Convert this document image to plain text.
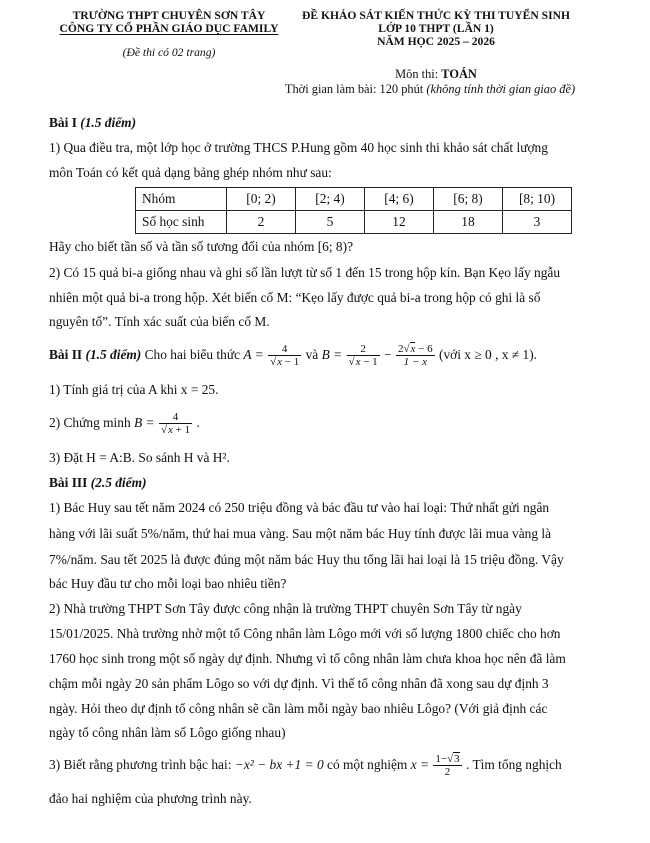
TRƯỜNG THPT CHUYÊN SƠN TÂY
CÔNG TY CỔ PHẦN GIÁO DỤC FAMILY
(Đề thi có 02 trang)
ĐỀ KHẢO SÁT KIẾN THỨC KỲ THI TUYỂN SINH
LỚP 10 THPT (LẦN 1)
NĂM HỌC 2025 – 2026
Môn thi: TOÁN
Thời gian làm bài: 120 phút (không tính thời gian giao đề)
Bài I (1.5 điểm)
1) Qua điều tra, một lớp học ở trường THCS P.Hung gồm 40 học sinh thi khảo sát chất lượng
môn Toán có kết quả dạng bảng ghép nhóm như sau:
Nhóm	[0; 2)	[2; 4)	[4; 6)	[6; 8)	[8; 10)
Số học sinh	2	5	12	18	3
Hãy cho biết tần số và tần số tương đối của nhóm [6; 8)?
2) Có 15 quả bi-a giống nhau và ghi số lần lượt từ số 1 đến 15 trong hộp kín. Bạn Kẹo lấy ngẫu
nhiên một quả bi-a trong hộp. Xét biến cố M: “Kẹo lấy được quả bi-a trong hộp có ghi là số
nguyên tố”. Tính xác suất của biến cố M.
Bài II (1.5 điểm) Cho hai biểu thức $A = \frac{4}{√x - 1}$ và $B = \frac{2}{√x - 1} - \frac{2√x - 6}{1 - x}$ (với x ≥ 0 , x ≠ 1).
1) Tính giá trị của A khi x = 25.
2) Chứng minh $B = \frac{4}{√x + 1}$ .
3) Đặt H = A:B. So sánh H và H².
Bài III (2.5 điểm)
1) Bác Huy sau tết năm 2024 có 250 triệu đồng và bác đầu tư vào hai loại: Thứ nhất gửi ngân
hàng với lãi suất 5%/năm, thứ hai mua vàng. Sau một năm bác Huy tính được lãi mua vàng là
7%/năm. Sau tết 2025 là được đúng một năm bác Huy thu tổng lãi hai loại là 15 triệu đồng. Vậy
bác Huy đầu tư cho mỗi loại bao nhiêu tiền?
2) Nhà trường THPT Sơn Tây được công nhận là trường THPT chuyên Sơn Tây từ ngày
15/01/2025. Nhà trường nhờ một tổ Công nhân làm Lôgo mới với số lượng 1800 chiếc cho hơn
1760 học sinh trong một số ngày dự định. Nhưng vì tổ công nhân làm chưa khoa học nên đã làm
chậm mỗi ngày 20 sản phẩm Lôgo so với dự định. Vì thế tổ công nhân đã xong sau dự định 3
ngày. Hỏi theo dự định tổ công nhân sẽ cần làm mỗi ngày bao nhiêu Lôgo? (Với giả định các
ngày tổ công nhân làm số Lôgo giống nhau)
3) Biết rằng phương trình bậc hai: −x² − bx +1 = 0 có một nghiệm $x = \frac{1-√3}{2}$ . Tìm tổng nghịch
đảo hai nghiệm của phương trình này.
